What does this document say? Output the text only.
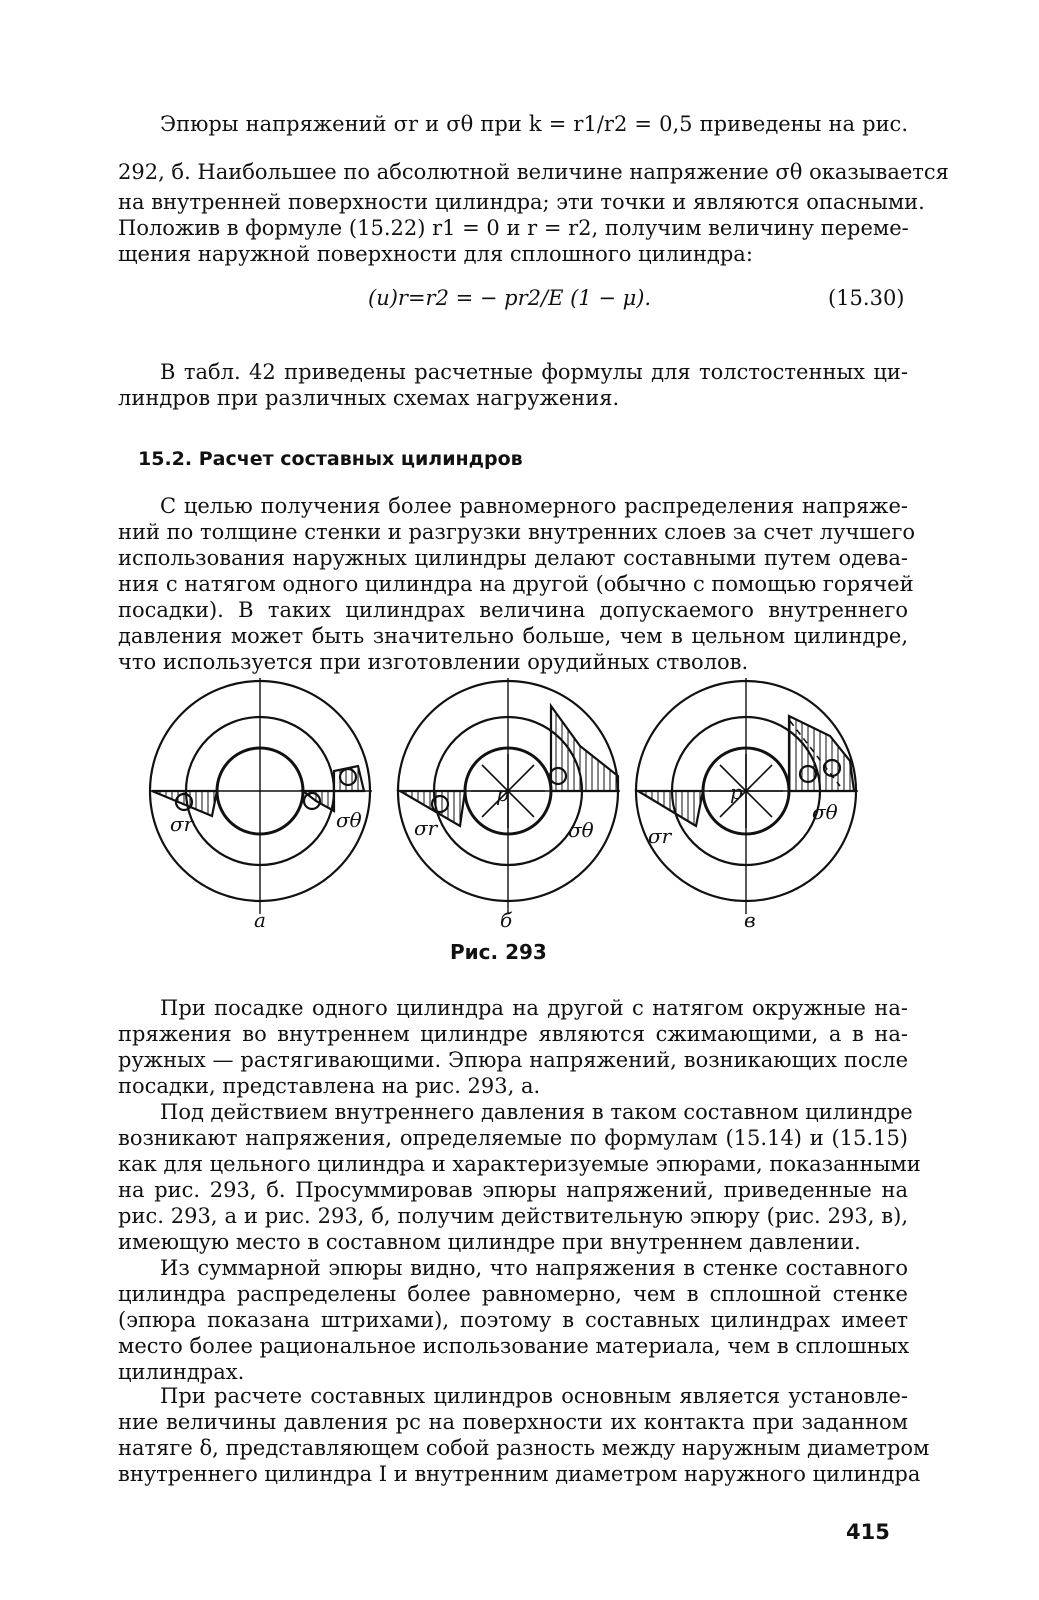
Эпюры напряжений σr и σθ при k = r1/r2 = 0,5 приведены на рис.
292, б. Наибольшее по абсолютной величине напряжение σθ оказывается
на внутренней поверхности цилиндра; эти точки и являются опасными.
Положив в формуле (15.22) r1 = 0 и r = r2, получим величину переме-
щения наружной поверхности для сплошного цилиндра:
(u)r=r2 = − pr2/E (1 − μ).	(15.30)
В табл. 42 приведены расчетные формулы для толстостенных ци-
линдров при различных схемах нагружения.
15.2. Расчет составных цилиндров
С целью получения более равномерного распределения напряже-
ний по толщине стенки и разгрузки внутренних слоев за счет лучшего
использования наружных цилиндры делают составными путем одева-
ния с натягом одного цилиндра на другой (обычно с помощью горячей
посадки). В таких цилиндрах величина допускаемого внутреннего
давления может быть значительно больше, чем в цельном цилиндре,
что используется при изготовлении орудийных стволов.
σr	σθ	σr	σθ
p
σr
σθ
p
а	б	в
Рис. 293
При посадке одного цилиндра на другой с натягом окружные на-
пряжения во внутреннем цилиндре являются сжимающими, а в на-
ружных — растягивающими. Эпюра напряжений, возникающих после
посадки, представлена на рис. 293, а.
Под действием внутреннего давления в таком составном цилиндре
возникают напряжения, определяемые по формулам (15.14) и (15.15)
как для цельного цилиндра и характеризуемые эпюрами, показанными
на рис. 293, б. Просуммировав эпюры напряжений, приведенные на
рис. 293, а и рис. 293, б, получим действительную эпюру (рис. 293, в),
имеющую место в составном цилиндре при внутреннем давлении.
Из суммарной эпюры видно, что напряжения в стенке составного
цилиндра распределены более равномерно, чем в сплошной стенке
(эпюра показана штрихами), поэтому в составных цилиндрах имеет
место более рациональное использование материала, чем в сплошных
цилиндрах.
При расчете составных цилиндров основным является установле-
ние величины давления pc на поверхности их контакта при заданном
натяге δ, представляющем собой разность между наружным диаметром
внутреннего цилиндра I и внутренним диаметром наружного цилиндра
415
